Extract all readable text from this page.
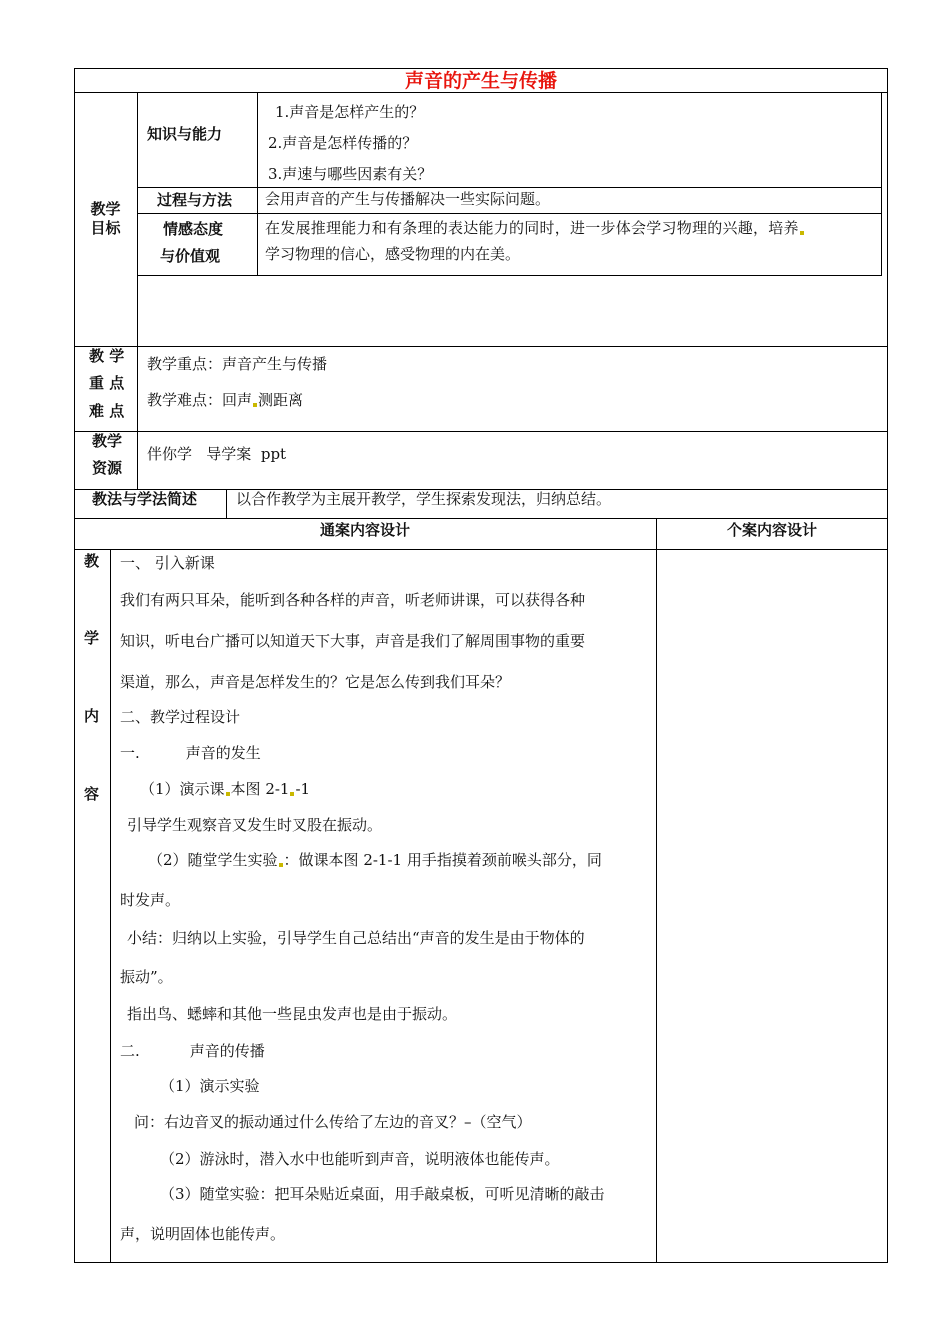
声音的产生与传播
教学目标
知识与能力
1.声音是怎样产生的？
2.声音是怎样传播的？
3.声速与哪些因素有关？
过程与方法 会用声音的产生与传播解决一些实际问题。
情感态度
与价值观
在发展推理能力和有条理的表达能力的同时，进一步体会学习物理的兴趣，培养
学习物理的信心，感受物理的内在美。
教 学
重 点
难 点
教学重点：声音产生与传播
教学难点：回声 测距离
教学
资源
伴你学   导学案  ppt
教法与学法简述	以合作教学为主展开教学，学生探索发现法，归纳总结。
通案内容设计	个案内容设计
教
学
内
容
一、 引入新课
我们有两只耳朵，能听到各种各样的声音，听老师讲课，可以获得各种
知识，听电台广播可以知道天下大事，声音是我们了解周围事物的重要
渠道，那么，声音是怎样发生的？它是怎么传到我们耳朵？
二、教学过程设计
一.	声音的发生
（1）演示课 本图 2-1 -1
引导学生观察音叉发生时叉股在振动。
（2）随堂学生实验 ：做课本图 2-1-1 用手指摸着颈前喉头部分，同
时发声。
小结：归纳以上实验，引导学生自己总结出“声音的发生是由于物体的
振动”。
指出鸟、蟋蟀和其他一些昆虫发声也是由于振动。
二.	声音的传播
（1）演示实验
问：右边音叉的振动通过什么传给了左边的音叉？–（空气）
（2）游泳时，潜入水中也能听到声音，说明液体也能传声。
（3）随堂实验：把耳朵贴近桌面，用手敲桌板，可听见清晰的敲击
声，说明固体也能传声。
